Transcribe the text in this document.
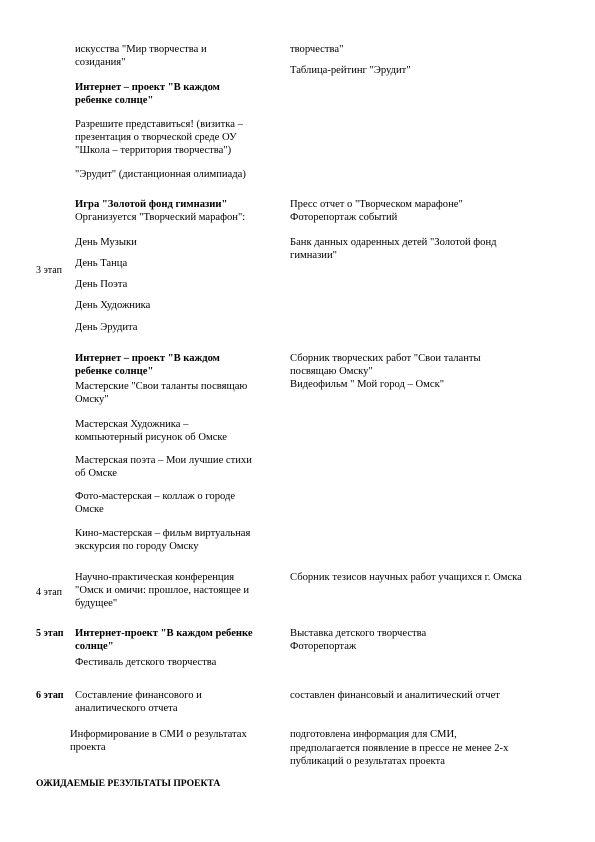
искусства "Мир творчества и

созидания"

творчества"

Таблица-рейтинг "Эрудит"

Интернет – проект "В каждом

ребенке солнце"

Разрешите представиться! (визитка –

презентация о творческой среде ОУ

"Школа – территория творчества")

"Эрудит" (дистанционная олимпиада)

Игра "Золотой фонд гимназии"

Организуется "Творческий марафон":

Пресс отчет о "Творческом марафоне"

Фоторепортаж событий

День Музыки	Банк данных одаренных детей "Золотой фонд

гимназии"

3 этап

День Танца

День Поэта

День Художника

День Эрудита

Интернет – проект "В каждом

ребенке солнце"

Мастерские "Свои таланты посвящаю

Омску"

Сборник творческих работ "Свои таланты

посвящаю Омску"

Видеофильм " Мой город – Омск"

Мастерская Художника –

компьютерный рисунок об Омске

Мастерская поэта – Мои лучшие стихи

об Омске

Фото-мастерская – коллаж о городе

Омске

Кино-мастерская – фильм виртуальная

экскурсия по городу Омску

Научно-практическая конференция

4 этап "Омск и омичи: прошлое, настоящее и

будущее"

Сборник тезисов научных работ учащихся г. Омска

5 этап Интернет-проект "В каждом ребенке

солнце"

Фестиваль детского творчества

Выставка детского творчества

Фоторепортаж

6 этап Составление финансового и

аналитического отчета

составлен финансовый и аналитический отчет

Информирование в СМИ о результатах

проекта

подготовлена информация для СМИ,

предполагается появление в прессе не менее 2-х

публикаций о результатах проекта

ОЖИДАЕМЫЕ РЕЗУЛЬТАТЫ ПРОЕКТА
